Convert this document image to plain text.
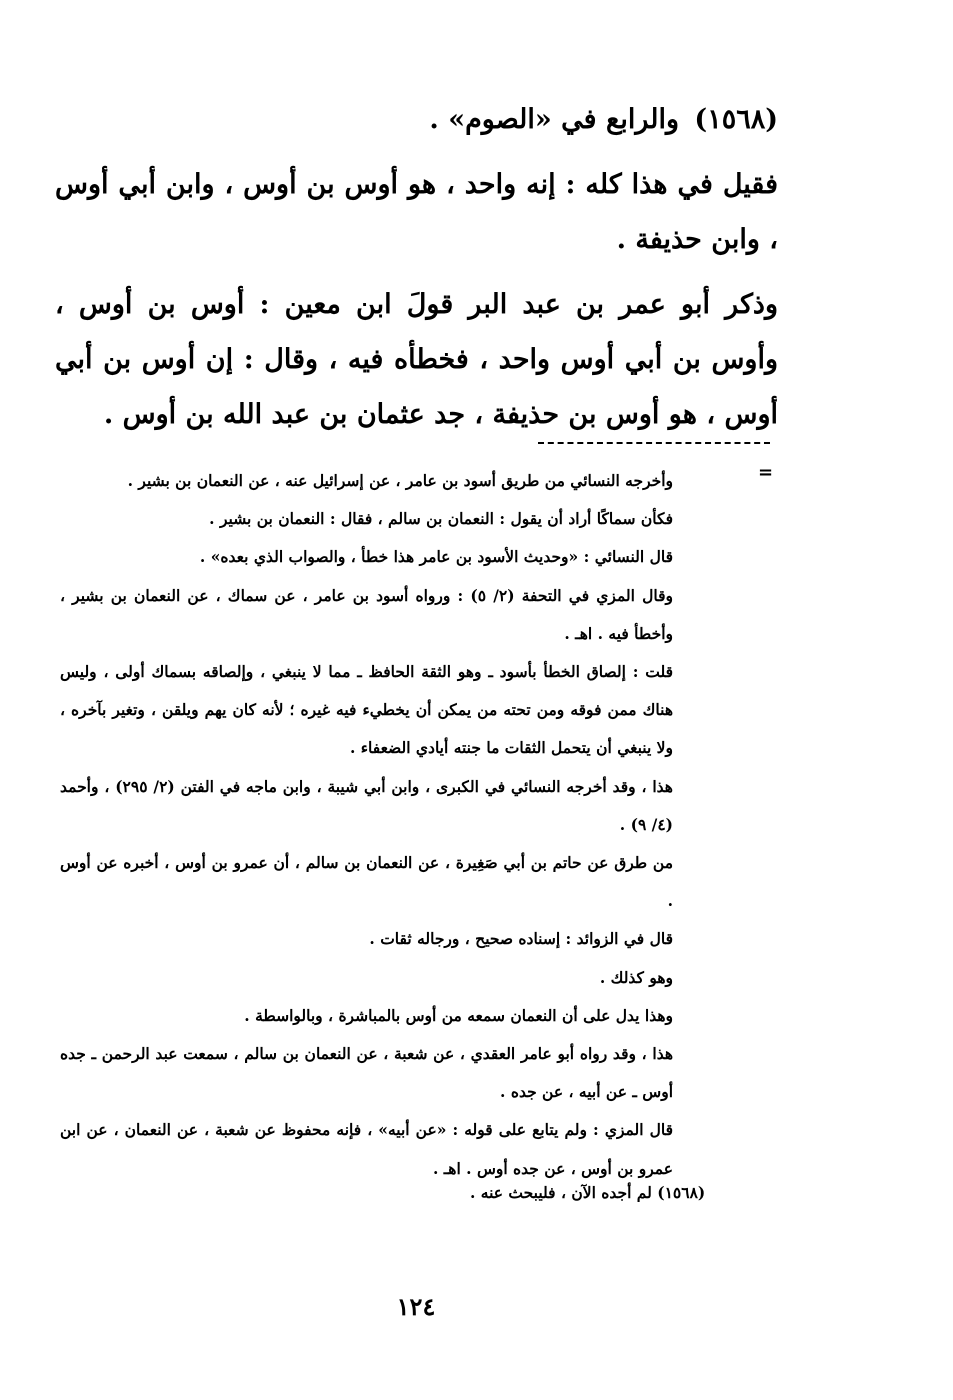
(١٥٦٨) والرابع في «الصوم» .

فقيل في هذا كله : إنه واحد ، هو أوس بن أوس ، وابن أبي أوس ، وابن حذيفة .

وذكر أبو عمر بن عبد البر قولَ ابن معين : أوس بن أوس ، وأوس بن أبي أوس واحد ، فخطأه فيه ، وقال : إن أوس بن أبي أوس ، هو أوس بن حذيفة ، جد عثمان بن عبد الله بن أوس .

=

وأخرجه النسائي من طريق أسود بن عامر ، عن إسرائيل عنه ، عن النعمان بن بشير .

فكأن سماكًا أراد أن يقول : النعمان بن سالم ، فقال : النعمان بن بشير .

قال النسائي : «وحديث الأسود بن عامر هذا خطأ ، والصواب الذي بعده» .

وقال المزي في التحفة (٢/ ٥) : ورواه أسود بن عامر ، عن سماك ، عن النعمان بن بشير ، وأخطأ فيه . اهـ .

قلت : إلصاق الخطأ بأسود ـ وهو الثقة الحافظ ـ مما لا ينبغي ، وإلصاقه بسماك أولى ، وليس هناك ممن فوقه ومن تحته من يمكن أن يخطيء فيه غيره ؛ لأنه كان يهم ويلقن ، وتغير بآخره ، ولا ينبغي أن يتحمل الثقات ما جنته أيادي الضعفاء .

هذا ، وقد أخرجه النسائي في الكبرى ، وابن أبي شيبة ، وابن ماجه في الفتن (٢/ ٢٩٥) ، وأحمد (٤/ ٩) .

من طرق عن حاتم بن أبي صَغِيرة ، عن النعمان بن سالم ، أن عمرو بن أوس ، أخبره عن أوس .

قال في الزوائد : إسناده صحيح ، ورجاله ثقات .

وهو كذلك .

وهذا يدل على أن النعمان سمعه من أوس بالمباشرة ، وبالواسطة .

هذا ، وقد رواه أبو عامر العقدي ، عن شعبة ، عن النعمان بن سالم ، سمعت عبد الرحمن ـ جده أوس ـ عن أبيه ، عن جده .

قال المزي : ولم يتابع على قوله : «عن أبيه» ، فإنه محفوظ عن شعبة ، عن النعمان ، عن ابن عمرو بن أوس ، عن جده أوس . اهـ .

(١٥٦٨) لم أجده الآن ، فليبحث عنه .
١٢٤
